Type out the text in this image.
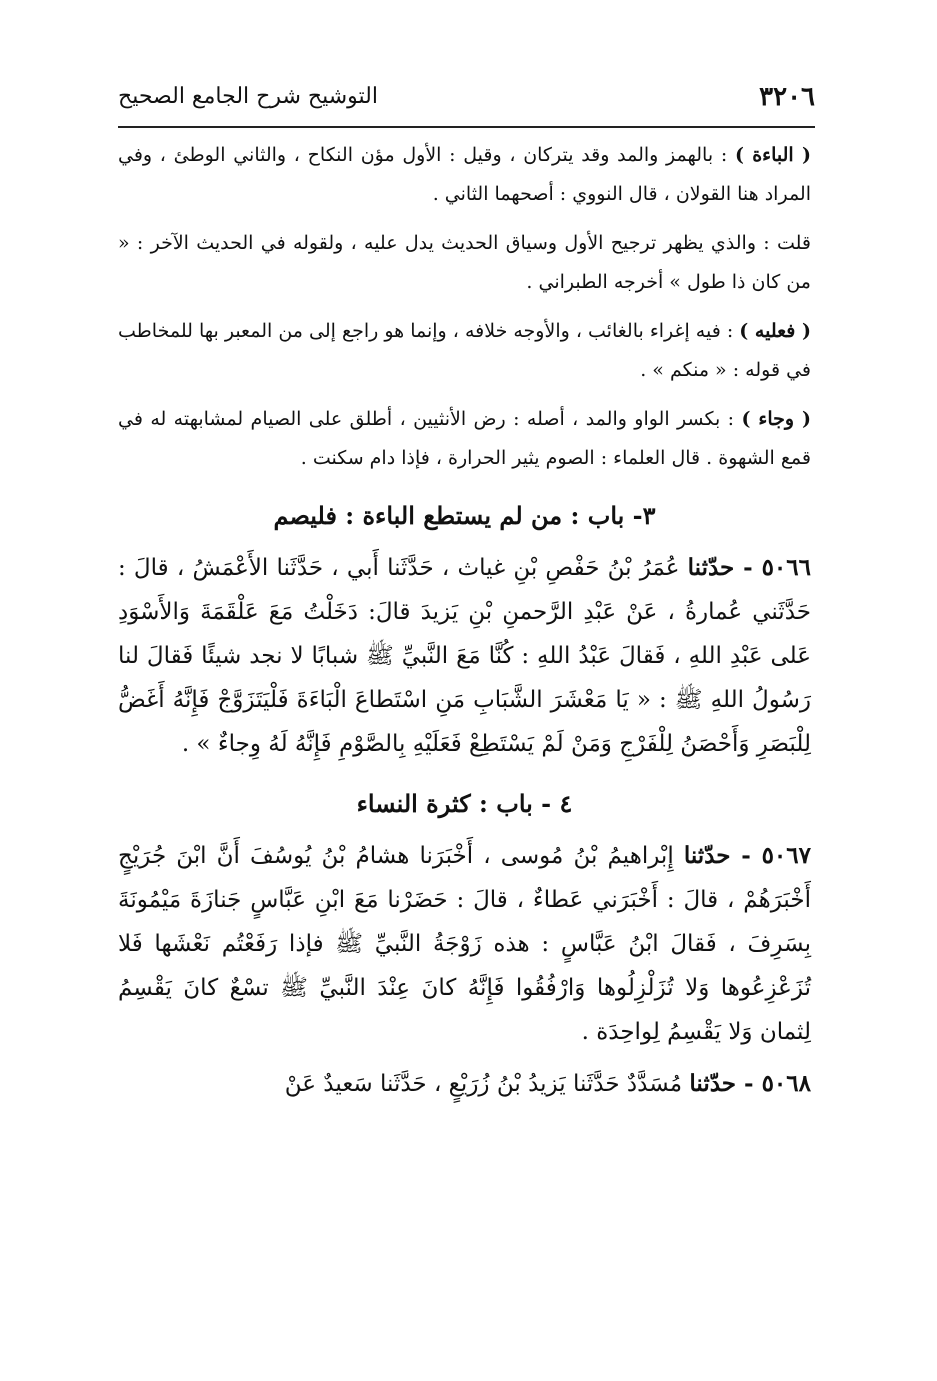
٣٢٠٦
التوشيح شرح الجامع الصحيح

( الباءة ) : بالهمز والمد وقد يتركان ، وقيل : الأول مؤن النكاح ، والثاني الوطئ ، وفي المراد هنا القولان ، قال النووي : أصحهما الثاني .

قلت : والذي يظهر ترجيح الأول وسياق الحديث يدل عليه ، ولقوله في الحديث الآخر : « من كان ذا طول » أخرجه الطبراني .

( فعليه ) : فيه إغراء بالغائب ، والأوجه خلافه ، وإنما هو راجع إلى من المعبر بها للمخاطب في قوله : « منكم » .

( وجاء ) : بكسر الواو والمد ، أصله : رض الأنثيين ، أطلق على الصيام لمشابهته له في قمع الشهوة . قال العلماء : الصوم يثير الحرارة ، فإذا دام سكنت .

٣- باب : من لم يستطع الباءة : فليصم

٥٠٦٦ - حدّثنا عُمَرُ بْنُ حَفْصِ بْنِ غياث ، حَدَّثَنا أَبي ، حَدَّثَنا الأَعْمَشُ ، قالَ : حَدَّثَني عُمارةُ ، عَنْ عَبْدِ الرَّحمنِ بْنِ يَزيدَ قالَ: دَخَلْتُ مَعَ عَلْقَمَةَ وَالأَسْوَدِ عَلى عَبْدِ اللهِ ، فَقالَ عَبْدُ اللهِ : كُنَّا مَعَ النَّبيِّ ﷺ شبابًا لا نجد شيئًا فَقالَ لنا رَسُولُ اللهِ ﷺ : « يَا مَعْشَرَ الشَّبَابِ مَنِ اسْتَطاعَ الْبَاءَةَ فَلْيَتَزَوَّجْ فَإِنَّهُ أَغَضُّ لِلْبَصَرِ وَأَحْصَنُ لِلْفَرْجِ وَمَنْ لَمْ يَسْتَطِعْ فَعَلَيْهِ بِالصَّوْمِ فَإِنَّهُ لَهُ وِجاءٌ » .

٤ - باب : كثرة النساء

٥٠٦٧ - حدّثنا إِبْراهيمُ بْنُ مُوسى ، أَخْبَرَنا هشامُ بْنُ يُوسُفَ أَنَّ ابْنَ جُرَيْجٍ أَخْبَرَهُمْ ، قالَ : أَخْبَرَني عَطاءٌ ، قالَ : حَضَرْنا مَعَ ابْنِ عَبَّاسٍ جَنازَةَ مَيْمُونَةَ بِسَرِفَ ، فَقالَ ابْنُ عَبَّاسٍ : هذه زَوْجَةُ النَّبيِّ ﷺ فإذا رَفَعْتُم نَعْشَها فَلا تُزَعْزِعُوها وَلا تُزَلْزِلُوها وَارْفُقُوا فَإِنَّهُ كانَ عِنْدَ النَّبيِّ ﷺ تسْعٌ كانَ يَقْسِمُ لِثمان وَلا يَقْسِمُ لِواحِدَة .

٥٠٦٨ - حدّثنا مُسَدَّدٌ حَدَّثَنا يَزيدُ بْنُ زُرَيْعٍ ، حَدَّثَنا سَعيدٌ عَنْ
